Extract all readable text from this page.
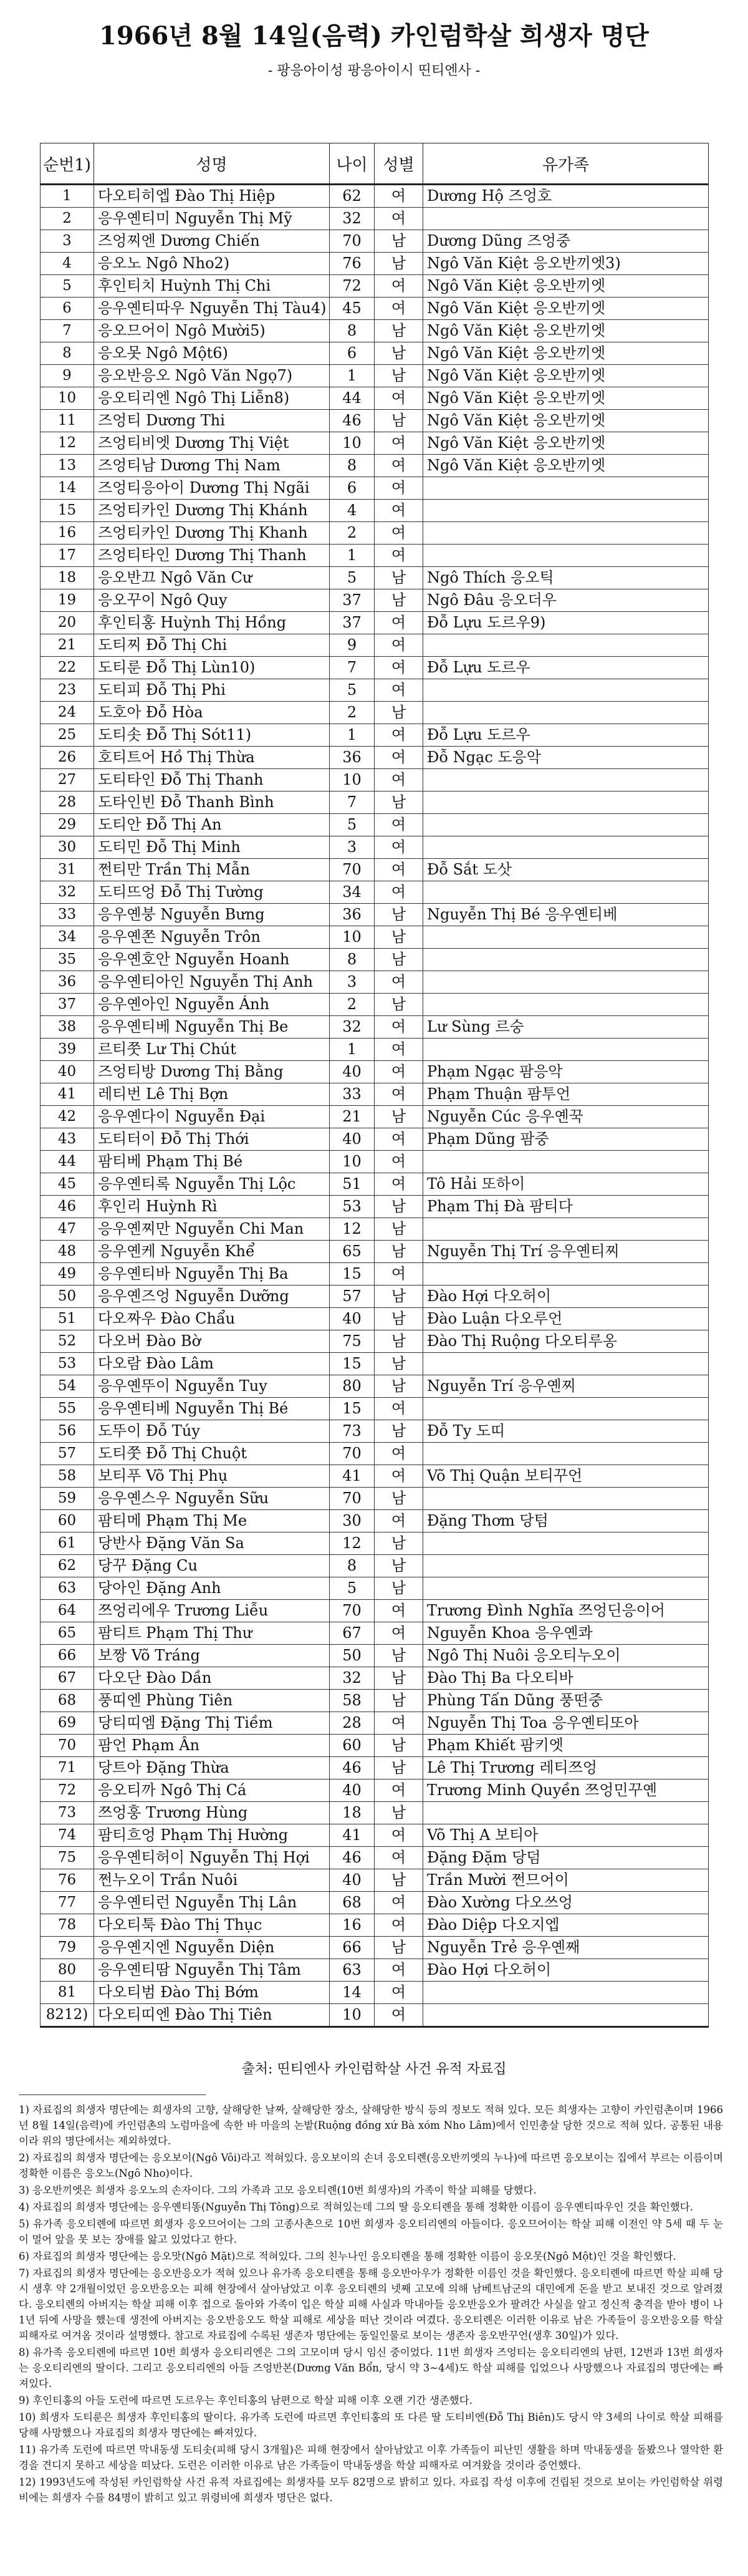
1966년 8월 14일(음력) 카인럼학살 희생자 명단
- 팡응아이성 팡응아이시 띤티엔사 -
순번1)	성명	나이	성별	유가족
1	다오티히엡 Đào Thị Hiệp	62	여	Dương Hộ 즈엉호
2	응우옌티미 Nguyễn Thị Mỹ	32	여	
3	즈엉찌엔 Dương Chiến	70	남	Dương Dũng 즈엉중
4	응오노 Ngô Nho2)	76	남	Ngô Văn Kiệt 응오반끼엣3)
5	후인티치 Huỳnh Thị Chi	72	여	Ngô Văn Kiệt 응오반끼엣
6	응우옌티따우 Nguyễn Thị Tàu4)	45	여	Ngô Văn Kiệt 응오반끼엣
7	응오므어이 Ngô Mười5)	8	남	Ngô Văn Kiệt 응오반끼엣
8	응오못 Ngô Một6)	6	남	Ngô Văn Kiệt 응오반끼엣
9	응오반응오 Ngô Văn Ngọ7)	1	남	Ngô Văn Kiệt 응오반끼엣
10	응오티리엔 Ngô Thị Liễn8)	44	여	Ngô Văn Kiệt 응오반끼엣
11	즈엉티 Dương Thi	46	남	Ngô Văn Kiệt 응오반끼엣
12	즈엉티비엣 Dương Thị Việt	10	여	Ngô Văn Kiệt 응오반끼엣
13	즈엉티남 Dương Thị Nam	8	여	Ngô Văn Kiệt 응오반끼엣
14	즈엉티응아이 Dương Thị Ngãi	6	여	
15	즈엉티카인 Dương Thị Khánh	4	여	
16	즈엉티카인 Dương Thị Khanh	2	여	
17	즈엉티타인 Dương Thị Thanh	1	여	
18	응오반끄 Ngô Văn Cư	5	남	Ngô Thích 응오틱
19	응오꾸이 Ngô Quy	37	남	Ngô Đâu 응오더우
20	후인티홍 Huỳnh Thị Hồng	37	여	Đỗ Lựu 도르우9)
21	도티찌 Đỗ Thị Chi	9	여	
22	도티룬 Đỗ Thị Lùn10)	7	여	Đỗ Lựu 도르우
23	도티피 Đỗ Thị Phi	5	여	
24	도호아 Đỗ Hòa	2	남	
25	도티솟 Đỗ Thị Sót11)	1	여	Đỗ Lựu 도르우
26	호티트어 Hồ Thị Thừa	36	여	Đỗ Ngạc 도응악
27	도티타인 Đỗ Thị Thanh	10	여	
28	도타인빈 Đỗ Thanh Bình	7	남	
29	도티안 Đỗ Thị An	5	여	
30	도티민 Đỗ Thị Minh	3	여	
31	쩐티만 Trần Thị Mẫn	70	여	Đỗ Sắt 도삿
32	도티뜨엉 Đỗ Thị Tường	34	여	
33	응우옌붕 Nguyễn Bưng	36	남	Nguyễn Thị Bé 응우옌티베
34	응우옌쫀 Nguyễn Trôn	10	남	
35	응우옌호안 Nguyễn Hoanh	8	남	
36	응우옌티아인 Nguyễn Thị Anh	3	여	
37	응우옌아인 Nguyễn Ánh	2	남	
38	응우옌티베 Nguyễn Thị Be	32	여	Lư Sùng 르숭
39	르티쭛 Lư Thị Chút	1	여	
40	즈엉티방 Dương Thị Bằng	40	여	Phạm Ngạc 팜응악
41	레티번 Lê Thị Bợn	33	여	Phạm Thuận 팜투언
42	응우옌다이 Nguyễn Đại	21	남	Nguyễn Cúc 응우옌꾹
43	도티터이 Đỗ Thị Thới	40	여	Phạm Dũng 팜중
44	팜티베 Phạm Thị Bé	10	여	
45	응우옌티록 Nguyễn Thị Lộc	51	여	Tô Hải 또하이
46	후인리 Huỳnh Rì	53	남	Phạm Thị Đà 팜티다
47	응우옌찌만 Nguyễn Chi Man	12	남	
48	응우옌케 Nguyễn Khể	65	남	Nguyễn Thị Trí 응우옌티찌
49	응우옌티바 Nguyễn Thị Ba	15	여	
50	응우옌즈엉 Nguyễn Dưỡng	57	남	Đào Hợi 다오허이
51	다오짜우 Đào Chẩu	40	남	Đào Luận 다오루언
52	다오버 Đào Bờ	75	남	Đào Thị Ruộng 다오티루옹
53	다오람 Đào Lâm	15	남	
54	응우옌뚜이 Nguyễn Tuy	80	남	Nguyễn Trí 응우옌찌
55	응우옌티베 Nguyễn Thị Bé	15	여	
56	도뚜이 Đỗ Túy	73	남	Đỗ Ty 도띠
57	도티쭛 Đỗ Thị Chuột	70	여	
58	보티푸 Võ Thị Phụ	41	여	Võ Thị Quận 보티꾸언
59	응우옌스우 Nguyễn Sữu	70	남	
60	팜티메 Phạm Thị Me	30	여	Đặng Thơm 당텀
61	당반사 Đặng Văn Sa	12	남	
62	당꾸 Đặng Cu	8	남	
63	당아인 Đặng Anh	5	남	
64	쯔엉리에우 Trương Liễu	70	여	Trương Đình Nghĩa 쯔엉딘응이어
65	팜티트 Phạm Thị Thư	67	여	Nguyễn Khoa 응우옌콰
66	보짱 Võ Tráng	50	남	Ngô Thị Nuôi 응오티누오이
67	다오단 Đào Dần	32	남	Đào Thị Ba 다오티바
68	풍띠엔 Phùng Tiên	58	남	Phùng Tấn Dũng 풍떤중
69	당티띠엠 Đặng Thị Tiềm	28	여	Nguyễn Thị Toa 응우옌티또아
70	팜언 Phạm Ân	60	남	Phạm Khiết 팜키엣
71	당트아 Đặng Thừa	46	남	Lê Thị Trương 레티쯔엉
72	응오티까 Ngô Thị Cá	40	여	Trương Minh Quyền 쯔엉민꾸옌
73	쯔엉훙 Trương Hùng	18	남	
74	팜티흐엉 Phạm Thị Hường	41	여	Võ Thị A 보티아
75	응우옌티허이 Nguyễn Thị Hợi	46	여	Đặng Đặm 당덤
76	쩐누오이 Trần Nuôi	40	남	Trần Mười 쩐므어이
77	응우옌티런 Nguyễn Thị Lân	68	여	Đào Xường 다오쓰엉
78	다오티툭 Đào Thị Thục	16	여	Đào Diệp 다오지엡
79	응우옌지엔 Nguyễn Diện	66	남	Nguyễn Trẻ 응우옌째
80	응우옌티땀 Nguyễn Thị Tâm	63	여	Đào Hợi 다오허이
81	다오티범 Đào Thị Bớm	14	여	
8212)	다오티띠엔 Đào Thị Tiên	10	여	
출처: 띤티엔사 카인럼학살 사건 유적 자료집

1) 자료집의 희생자 명단에는 희생자의 고향, 살해당한 날짜, 살해당한 장소, 살해당한 방식 등의 정보도 적혀 있다. 모든 희생자는 고향이 카인럼촌이며 1966년 8월 14일(음력)에 카인럼촌의 노럼마을에 속한 바 마을의 논밭(Ruộng đồng xứ Bà xóm Nho Lâm)에서 인민총살 당한 것으로 적혀 있다. 공통된 내용이라 위의 명단에서는 제외하였다.

2) 자료집의 희생자 명단에는 응오보이(Ngô Vôi)라고 적혀있다. 응오보이의 손녀 응오티롄(응오반끼엣의 누나)에 따르면 응오보이는 집에서 부르는 이름이며 정확한 이름은 응오노(Ngô Nho)이다.

3) 응오반끼엣은 희생자 응오노의 손자이다. 그의 가족과 고모 응오티롄(10번 희생자)의 가족이 학살 피해를 당했다.

4) 자료집의 희생자 명단에는 응우옌티똥(Nguyễn Thị Tông)으로 적혀있는데 그의 딸 응오티롄을 통해 정확한 이름이 응우옌티따우인 것을 확인했다.

5) 유가족 응오티롄에 따르면 희생자 응오므어이는 그의 고종사촌으로 10번 희생자 응오티리엔의 아들이다. 응오므어이는 학살 피해 이전인 약 5세 때 두 눈이 멀어 앞을 못 보는 장애를 앓고 있었다고 한다.

6) 자료집의 희생자 명단에는 응오맛(Ngô Mặt)으로 적혀있다. 그의 친누나인 응오티롄을 통해 정확한 이름이 응오못(Ngô Một)인 것을 확인했다.

7) 자료집의 희생자 명단에는 응오반응오가 적혀 있으나 유가족 응오티롄을 통해 응오반아우가 정확한 이름인 것을 확인했다. 응오티롄에 따르면 학살 피해 당시 생후 약 2개월이었던 응오반응오는 피해 현장에서 살아남았고 이후 응오티롄의 넷째 고모에 의해 남베트남군의 대민에게 돈을 받고 보내진 것으로 알려졌다. 응오티롄의 아버지는 학살 피해 이후 접으로 돌아와 가족이 입은 학살 피해 사실과 막내아들 응오반응오가 팔려간 사실을 알고 정신적 충격을 받아 병이 나 1년 뒤에 사망을 했는데 생전에 아버지는 응오반응오도 학살 피해로 세상을 떠난 것이라 여겼다. 응오티롄은 이러한 이유로 남은 가족들이 응오반응오를 학살 피해자로 여겨옴 것이라 설명했다. 참고로 자료집에 수록된 생존자 명단에는 동일인물로 보이는 생존자 응오반꾸언(생후 30일)가 있다.

8) 유가족 응오티롄에 따르면 10번 희생자 응오티리엔은 그의 고모이며 당시 임신 중이었다. 11번 희생자 즈엉티는 응오티리엔의 남편, 12번과 13번 희생자는 응오티리엔의 딸이다. 그리고 응오티리엔의 아들 즈엉반본(Dương Văn Bổn, 당시 약 3~4세)도 학살 피해를 입었으나 사망했으나 자료집의 명단에는 빠져있다.

9) 후인티홍의 아들 도런에 따르면 도르우는 후인티홍의 남편으로 학살 피해 이후 오랜 기간 생존했다.

10) 희생자 도티룬은 희생자 후인티홍의 딸이다. 유가족 도런에 따르면 후인티홍의 또 다른 딸 도티비엔(Đỗ Thị Biên)도 당시 약 3세의 나이로 학살 피해를 당해 사망했으나 자료집의 희생자 명단에는 빠져있다.

11) 유가족 도런에 따르면 막내동생 도티솟(피해 당시 3개월)은 피해 현장에서 살아남았고 이후 가족들이 피난민 생활을 하며 막내동생을 돌봤으나 열악한 환경을 견디지 못하고 세상을 떠났다. 도런은 이러한 이유로 남은 가족들이 막내동생을 학살 피해자로 여겨왔을 것이라 증언했다.

12) 1993년도에 작성된 카인럼학살 사건 유적 자료집에는 희생자를 모두 82명으로 밝히고 있다. 자료집 작성 이후에 건립된 것으로 보이는 카인럼학살 위령비에는 희생자 수를 84명이 밝히고 있고 위령비에 희생자 명단은 없다.
